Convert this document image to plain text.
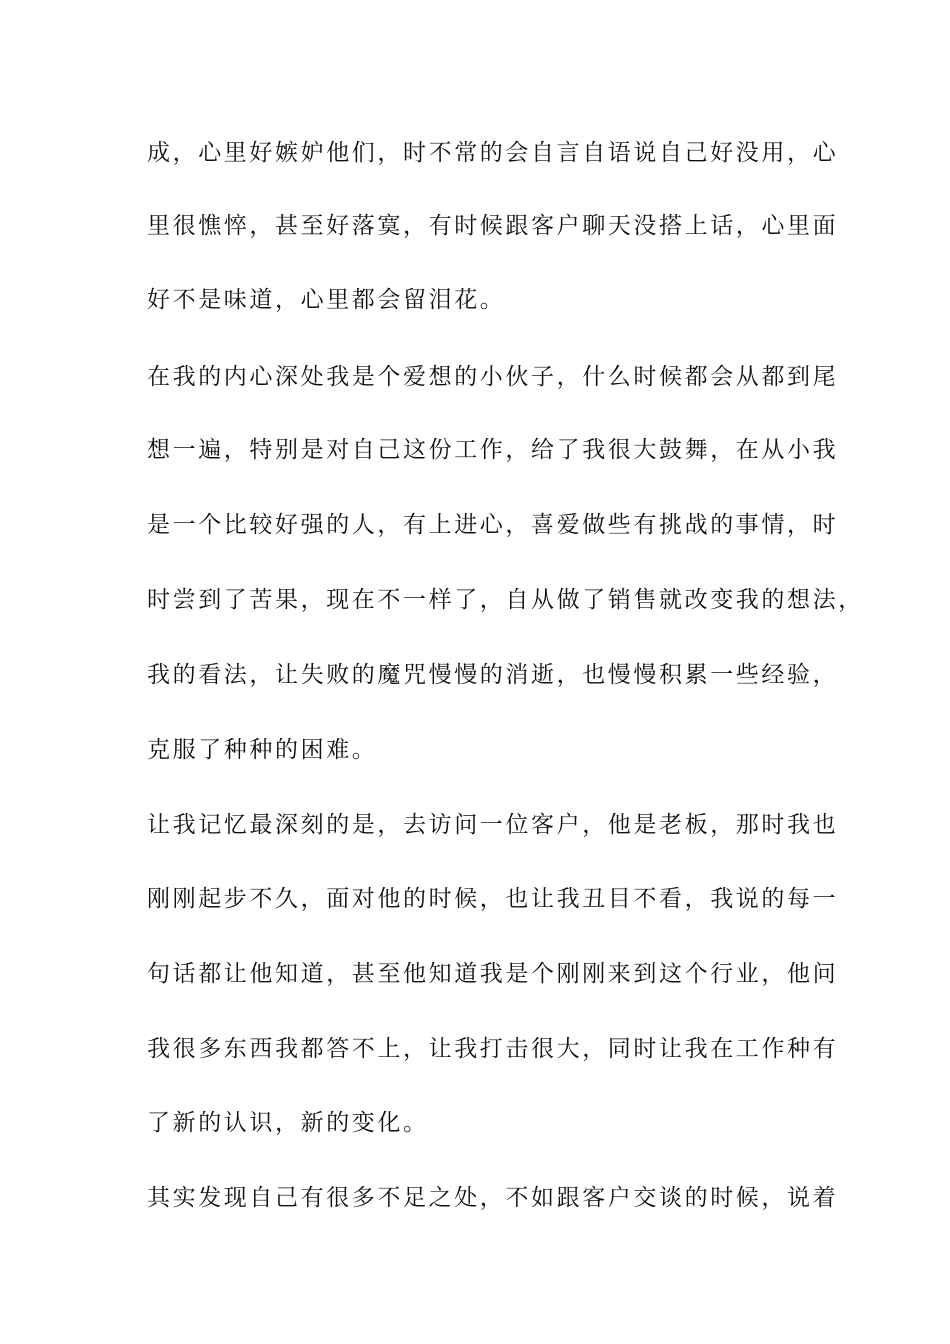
成，心里好嫉妒他们，时不常的会自言自语说自己好没用，心
里很憔悴，甚至好落寞，有时候跟客户聊天没搭上话，心里面
好不是味道，心里都会留泪花。
在我的内心深处我是个爱想的小伙子，什么时候都会从都到尾
想一遍，特别是对自己这份工作，给了我很大鼓舞，在从小我
是一个比较好强的人，有上进心，喜爱做些有挑战的事情，时
时尝到了苦果，现在不一样了，自从做了销售就改变我的想法，
我的看法，让失败的魔咒慢慢的消逝，也慢慢积累一些经验，
克服了种种的困难。
让我记忆最深刻的是，去访问一位客户，他是老板，那时我也
刚刚起步不久，面对他的时候，也让我丑目不看，我说的每一
句话都让他知道，甚至他知道我是个刚刚来到这个行业，他问
我很多东西我都答不上，让我打击很大，同时让我在工作种有
了新的认识，新的变化。
其实发现自己有很多不足之处，不如跟客户交谈的时候，说着
